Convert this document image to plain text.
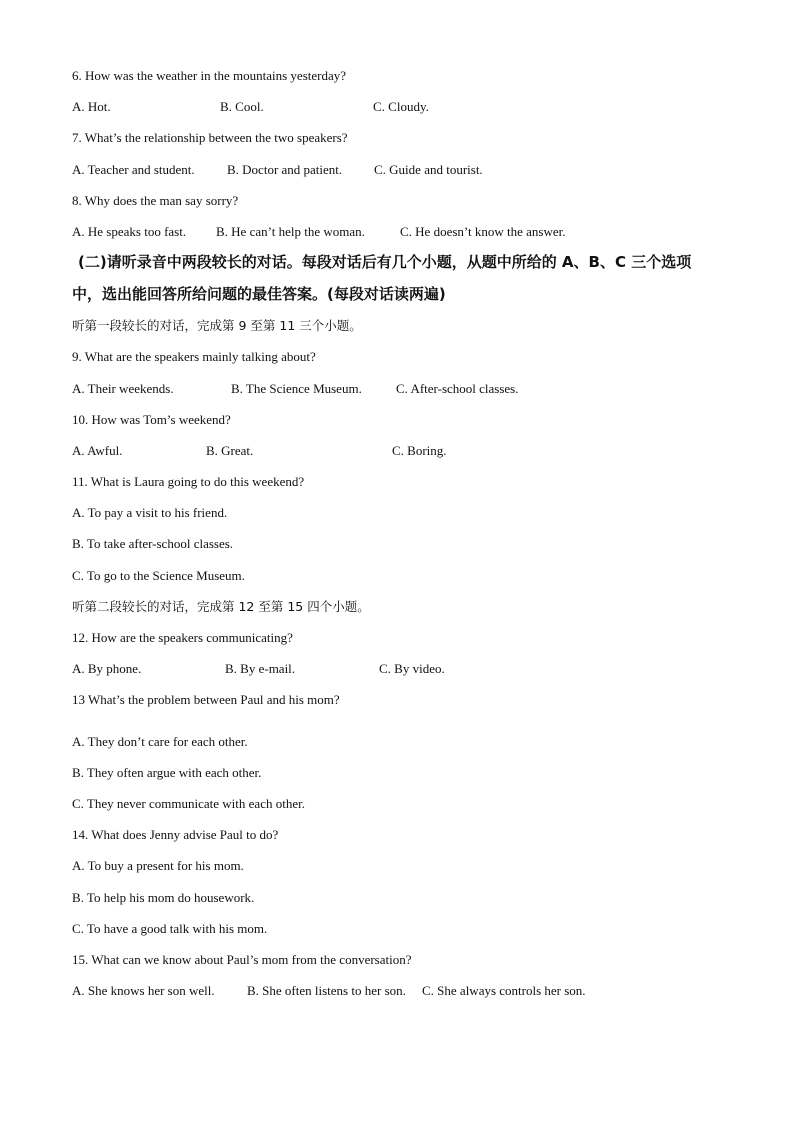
6. How was the weather in the mountains yesterday?
A. Hot.	B. Cool.	C. Cloudy.
7. What’s the relationship between the two speakers?
A. Teacher and student.	B. Doctor and patient.	C. Guide and tourist.
8. Why does the man say sorry?
A. He speaks too fast.	B. He can’t help the woman.	C. He doesn’t know the answer.
(二)请听录音中两段较长的对话。每段对话后有几个小题，从题中所给的 A、B、C 三个选项
中，选出能回答所给问题的最佳答案。(每段对话读两遍)
听第一段较长的对话，完成第 9 至第 11 三个小题。
9. What are the speakers mainly talking about?
A. Their weekends.	B. The Science Museum.	C. After-school classes.
10. How was Tom’s weekend?
A. Awful.	B. Great.	C. Boring.
11. What is Laura going to do this weekend?
A. To pay a visit to his friend.
B. To take after-school classes.
C. To go to the Science Museum.
听第二段较长的对话，完成第 12 至第 15 四个小题。
12. How are the speakers communicating?
A. By phone.	B. By e-mail.	C. By video.
13 What’s the problem between Paul and his mom?
A. They don’t care for each other.
B. They often argue with each other.
C. They never communicate with each other.
14. What does Jenny advise Paul to do?
A. To buy a present for his mom.
B. To help his mom do housework.
C. To have a good talk with his mom.
15. What can we know about Paul’s mom from the conversation?
A. She knows her son well.	B. She often listens to her son.	C. She always controls her son.
